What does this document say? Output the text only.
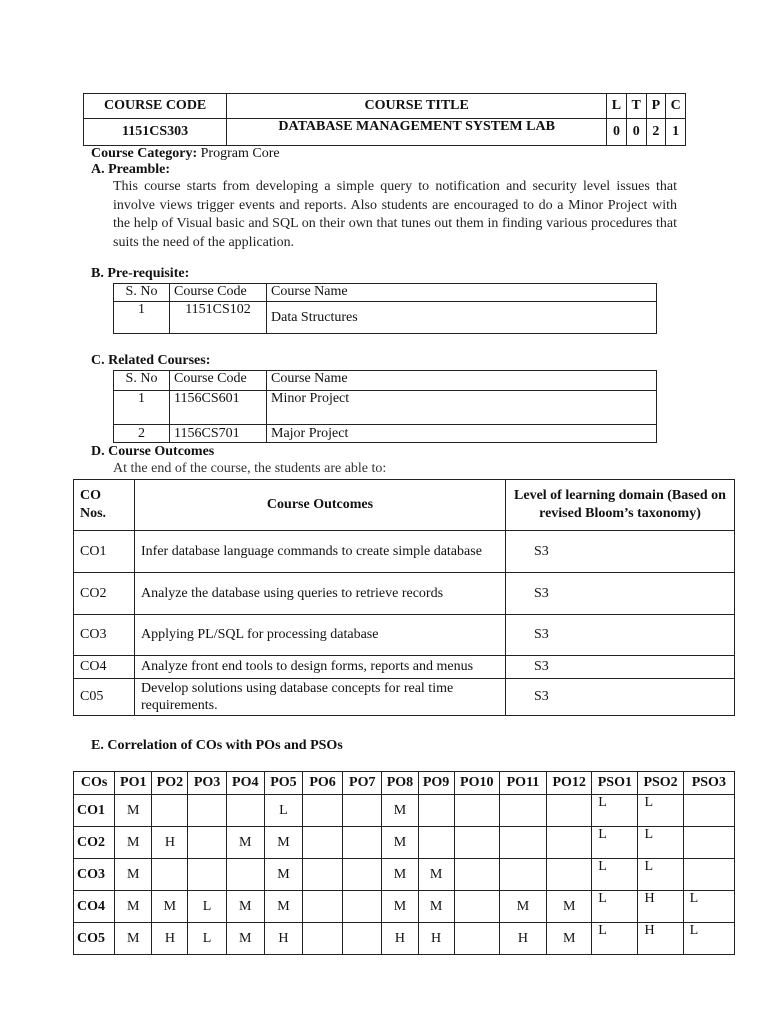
COURSE CODE	COURSE TITLE	L	T	P	C
1151CS303	DATABASE MANAGEMENT SYSTEM LAB	0	0	2	1
Course Category: Program Core
A. Preamble:
This course starts from developing a simple query to notification and security level issues that involve views trigger events and reports. Also students are encouraged to do a Minor Project with the help of Visual basic and SQL on their own that tunes out them in finding various procedures that suits the need of the application.
B. Pre-requisite:
S. No	Course Code	Course Name
1	1151CS102	Data Structures
C. Related Courses:
S. No	Course Code	Course Name
1	1156CS601	Minor Project
2	1156CS701	Major Project
D. Course Outcomes
At the end of the course, the students are able to:
CO Nos.	Course Outcomes	Level of learning domain (Based on revised Bloom’s taxonomy)
CO1	Infer database language commands to create simple database	S3
CO2	Analyze the database using queries to retrieve records	S3
CO3	Applying PL/SQL for processing database	S3
CO4	Analyze front end tools to design forms, reports and menus	S3
C05	Develop solutions using database concepts for real time requirements.	S3
E. Correlation of COs with POs and PSOs
COs	PO1	PO2	PO3	PO4	PO5	PO6	PO7	PO8	PO9	PO10	PO11	PO12	PSO1	PSO2	PSO3
CO1	M				L			M					L	L	
CO2	M	H		M	M			M					L	L	
CO3	M				M			M	M				L	L	
CO4	M	M	L	M	M			M	M		M	M	L	H	L
CO5	M	H	L	M	H			H	H		H	M	L	H	L
